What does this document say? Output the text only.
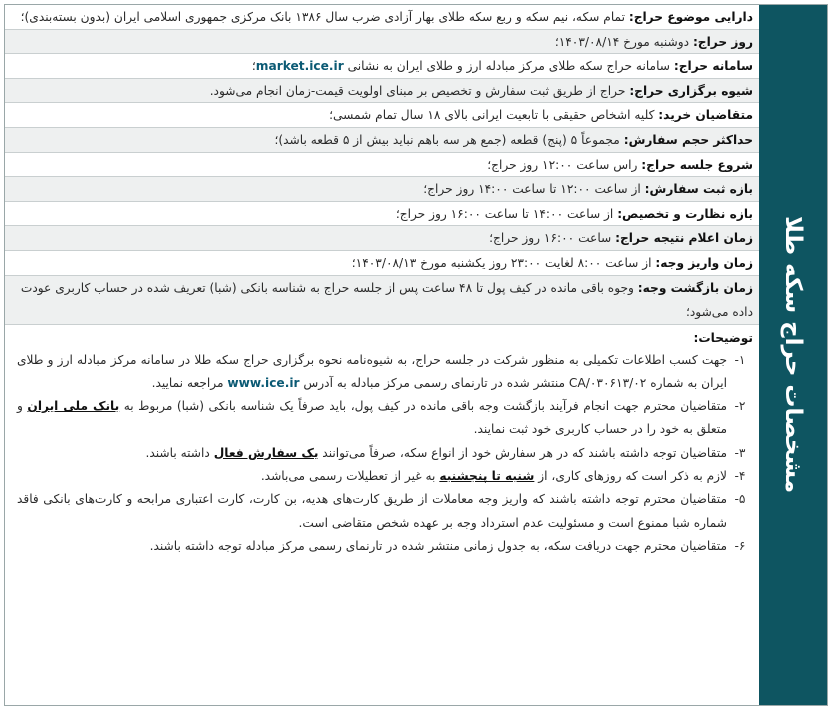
مشخصات حراج سکه طلا
دارایی موضوع حراج: تمام سکه، نیم سکه و ربع سکه طلای بهار آزادی ضرب سال ۱۳۸۶ بانک مرکزی جمهوری اسلامی ایران (بدون بسته‌بندی)؛
روز حراج: دوشنبه مورخ ۱۴۰۳/۰۸/۱۴؛
سامانه حراج: سامانه حراج سکه طلای مرکز مبادله ارز و طلای ایران به نشانی market.ice.ir؛
شیوه برگزاری حراج: حراج از طریق ثبت سفارش و تخصیص بر مبنای اولویت قیمت-زمان انجام می‌شود.
متقاضیان خرید: کلیه اشخاص حقیقی با تابعیت ایرانی بالای ۱۸ سال تمام شمسی؛
حداکثر حجم سفارش: مجموعاً ۵ (پنج) قطعه (جمع هر سه باهم نباید بیش از ۵ قطعه باشد)؛
شروع جلسه حراج: راس ساعت ۱۲:۰۰ روز حراج؛
بازه ثبت سفارش: از ساعت ۱۲:۰۰ تا ساعت ۱۴:۰۰ روز حراج؛
بازه نظارت و تخصیص: از ساعت ۱۴:۰۰ تا ساعت ۱۶:۰۰ روز حراج؛
زمان اعلام نتیجه حراج: ساعت ۱۶:۰۰ روز حراج؛
زمان واریز وجه: از ساعت ۸:۰۰ لغایت ۲۳:۰۰ روز یکشنبه مورخ ۱۴۰۳/۰۸/۱۳؛
زمان بازگشت وجه: وجوه باقی مانده در کیف پول تا ۴۸ ساعت پس از جلسه حراج به شناسه بانکی (شبا) تعریف شده در حساب کاربری عودت داده می‌شود؛
توضیحات:
۱-
جهت کسب اطلاعات تکمیلی به منظور شرکت در جلسه حراج، به شیوه‌نامه نحوه برگزاری حراج سکه طلا در سامانه مرکز مبادله ارز و طلای ایران به شماره CA/۰۳۰۶۱۳/۰۲ منتشر شده در تارنمای رسمی مرکز مبادله به آدرس www.ice.ir مراجعه نمایید.
۲-
متقاضیان محترم جهت انجام فرآیند بازگشت وجه باقی مانده در کیف پول، باید صرفاً یک شناسه بانکی (شبا) مربوط به بانک ملی ایران و متعلق به خود را در حساب کاربری خود ثبت نمایند.
۳-
متقاضیان توجه داشته باشند که در هر سفارش خود از انواع سکه، صرفاً می‌توانند یک سفارش فعال داشته باشند.
۴-
لازم به ذکر است که روزهای کاری، از شنبه تا پنجشنبه به غیر از تعطیلات رسمی می‌باشد.
۵-
متقاضیان محترم توجه داشته باشند که واریز وجه معاملات از طریق کارت‌های هدیه، بن کارت، کارت اعتباری مرابحه و کارت‌های بانکی فاقد شماره شبا ممنوع است و مسئولیت عدم استرداد وجه بر عهده شخص متقاضی است.
۶-
متقاضیان محترم جهت دریافت سکه، به جدول زمانی منتشر شده در تارنمای رسمی مرکز مبادله توجه داشته باشند.
